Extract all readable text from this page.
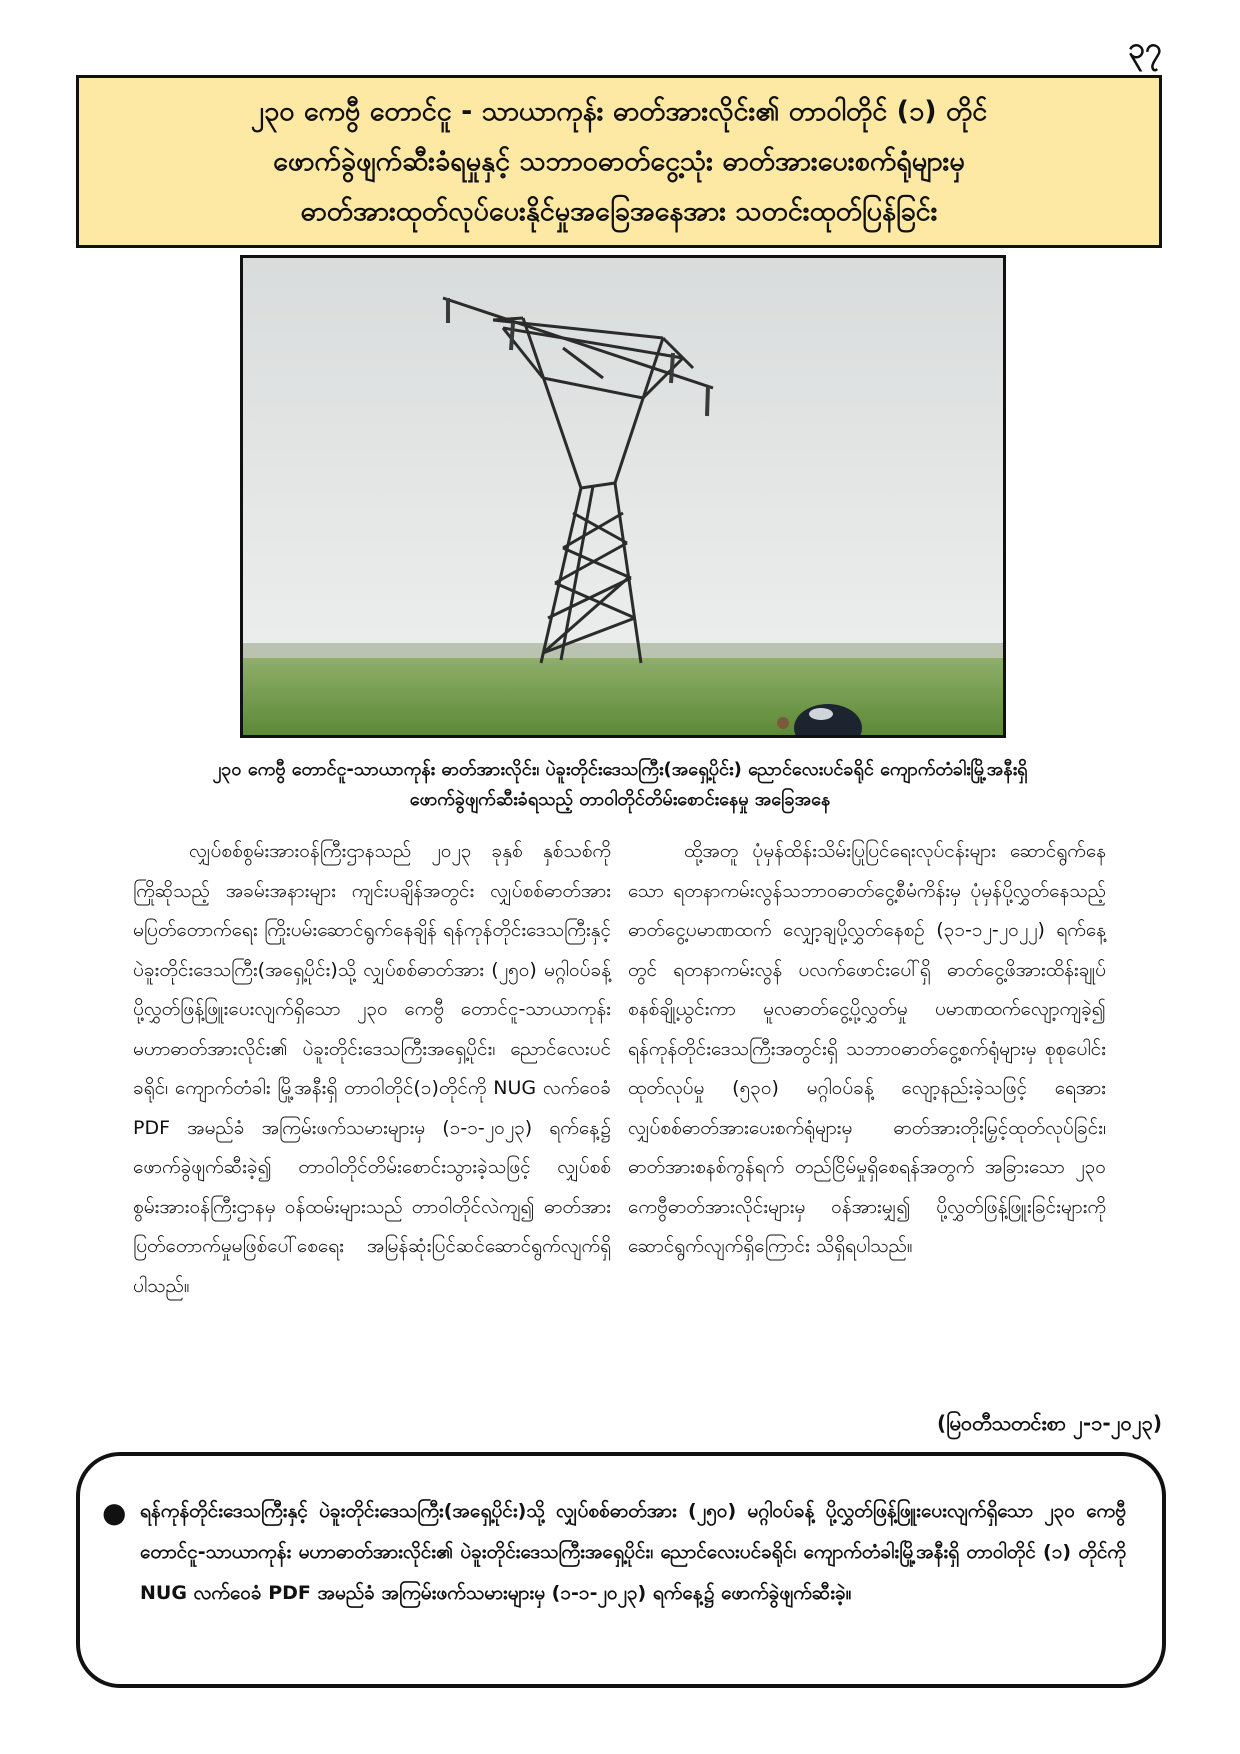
၃၇
၂၃၀ ကေဗွီ တောင်ငူ - သာယာကုန်း ဓာတ်အားလိုင်း၏ တာဝါတိုင် (၁) တိုင်
ဖောက်ခွဲဖျက်ဆီးခံရမှုနှင့် သဘာဝဓာတ်ငွေ့သုံး ဓာတ်အားပေးစက်ရုံများမှ
ဓာတ်အားထုတ်လုပ်ပေးနိုင်မှုအခြေအနေအား သတင်းထုတ်ပြန်ခြင်း
၂၃၀ ကေဗွီ တောင်ငူ-သာယာကုန်း ဓာတ်အားလိုင်း၊ ပဲခူးတိုင်းဒေသကြီး(အရှေ့ပိုင်း) ညောင်လေးပင်ခရိုင် ကျောက်တံခါးမြို့အနီးရှိ
ဖောက်ခွဲဖျက်ဆီးခံရသည့် တာဝါတိုင်တိမ်းစောင်းနေမှု အခြေအနေ

လျှပ်စစ်စွမ်းအားဝန်ကြီးဌာနသည် ၂၀၂၃ ခုနှစ် နှစ်သစ်ကို ကြိုဆိုသည့် အခမ်းအနားများ ကျင်းပချိန်အတွင်း လျှပ်စစ်ဓာတ်အားမပြတ်တောက်ရေး ကြိုးပမ်းဆောင်ရွက်နေချိန် ရန်ကုန်တိုင်းဒေသကြီးနှင့် ပဲခူးတိုင်းဒေသကြီး(အရှေ့ပိုင်း)သို့ လျှပ်စစ်ဓာတ်အား (၂၅၀) မဂ္ဂါဝပ်ခန့် ပို့လွှတ်ဖြန့်ဖြူးပေးလျက်ရှိသော ၂၃၀ ကေဗွီ တောင်ငူ-သာယာကုန်း မဟာဓာတ်အားလိုင်း၏ ပဲခူးတိုင်းဒေသကြီးအရှေ့ပိုင်း၊ ညောင်လေးပင်ခရိုင်၊ ကျောက်တံခါး မြို့အနီးရှိ တာဝါတိုင်(၁)တိုင်ကို NUG လက်ဝေခံ PDF အမည်ခံ အကြမ်းဖက်သမားများမှ (၁-၁-၂၀၂၃) ရက်နေ့၌ ဖောက်ခွဲဖျက်ဆီးခဲ့၍ တာဝါတိုင်တိမ်းစောင်းသွားခဲ့သဖြင့် လျှပ်စစ်စွမ်းအားဝန်ကြီးဌာနမှ ဝန်ထမ်းများသည် တာဝါတိုင်လဲကျ၍ ဓာတ်အားပြတ်တောက်မှုမဖြစ်ပေါ်စေရေး အမြန်ဆုံးပြင်ဆင်ဆောင်ရွက်လျက်ရှိပါသည်။

ထို့အတူ ပုံမှန်ထိန်းသိမ်းပြုပြင်ရေးလုပ်ငန်းများ ဆောင်ရွက်နေသော ရတနာကမ်းလွန်သဘာဝဓာတ်ငွေ့စီမံကိန်းမှ ပုံမှန်ပို့လွှတ်နေသည့် ဓာတ်ငွေ့ပမာဏထက် လျှော့ချပို့လွှတ်နေစဉ် (၃၁-၁၂-၂၀၂၂) ရက်နေ့တွင် ရတနာကမ်းလွန် ပလက်ဖောင်းပေါ်ရှိ ဓာတ်ငွေ့ဖိအားထိန်းချုပ်စနစ်ချို့ယွင်းကာ မူလဓာတ်ငွေ့ပို့လွှတ်မှု ပမာဏထက်လျော့ကျခဲ့၍ ရန်ကုန်တိုင်းဒေသကြီးအတွင်းရှိ သဘာဝဓာတ်ငွေ့စက်ရုံများမှ စုစုပေါင်းထုတ်လုပ်မှု (၅၃၀) မဂ္ဂါဝပ်ခန့် လျော့နည်းခဲ့သဖြင့် ရေအားလျှပ်စစ်ဓာတ်အားပေးစက်ရုံများမှ ဓာတ်အားတိုးမြှင့်ထုတ်လုပ်ခြင်း၊ ဓာတ်အားစနစ်ကွန်ရက် တည်ငြိမ်မှုရှိစေရန်အတွက် အခြားသော ၂၃၀ ကေဗွီဓာတ်အားလိုင်းများမှ ဝန်အားမျှ၍ ပို့လွှတ်ဖြန့်ဖြူးခြင်းများကို ဆောင်ရွက်လျက်ရှိကြောင်း သိရှိရပါသည်။

(မြဝတီသတင်းစာ ၂-၁-၂၀၂၃)
● ရန်ကုန်တိုင်းဒေသကြီးနှင့် ပဲခူးတိုင်းဒေသကြီး(အရှေ့ပိုင်း)သို့ လျှပ်စစ်ဓာတ်အား (၂၅၀) မဂ္ဂါဝပ်ခန့် ပို့လွှတ်ဖြန့်ဖြူးပေးလျက်ရှိသော ၂၃၀ ကေဗွီ တောင်ငူ-သာယာကုန်း မဟာဓာတ်အားလိုင်း၏ ပဲခူးတိုင်းဒေသကြီးအရှေ့ပိုင်း၊ ညောင်လေးပင်ခရိုင်၊ ကျောက်တံခါးမြို့အနီးရှိ တာဝါတိုင် (၁) တိုင်ကို NUG လက်ဝေခံ PDF အမည်ခံ အကြမ်းဖက်သမားများမှ (၁-၁-၂၀၂၃) ရက်နေ့၌ ဖောက်ခွဲဖျက်ဆီးခဲ့။
